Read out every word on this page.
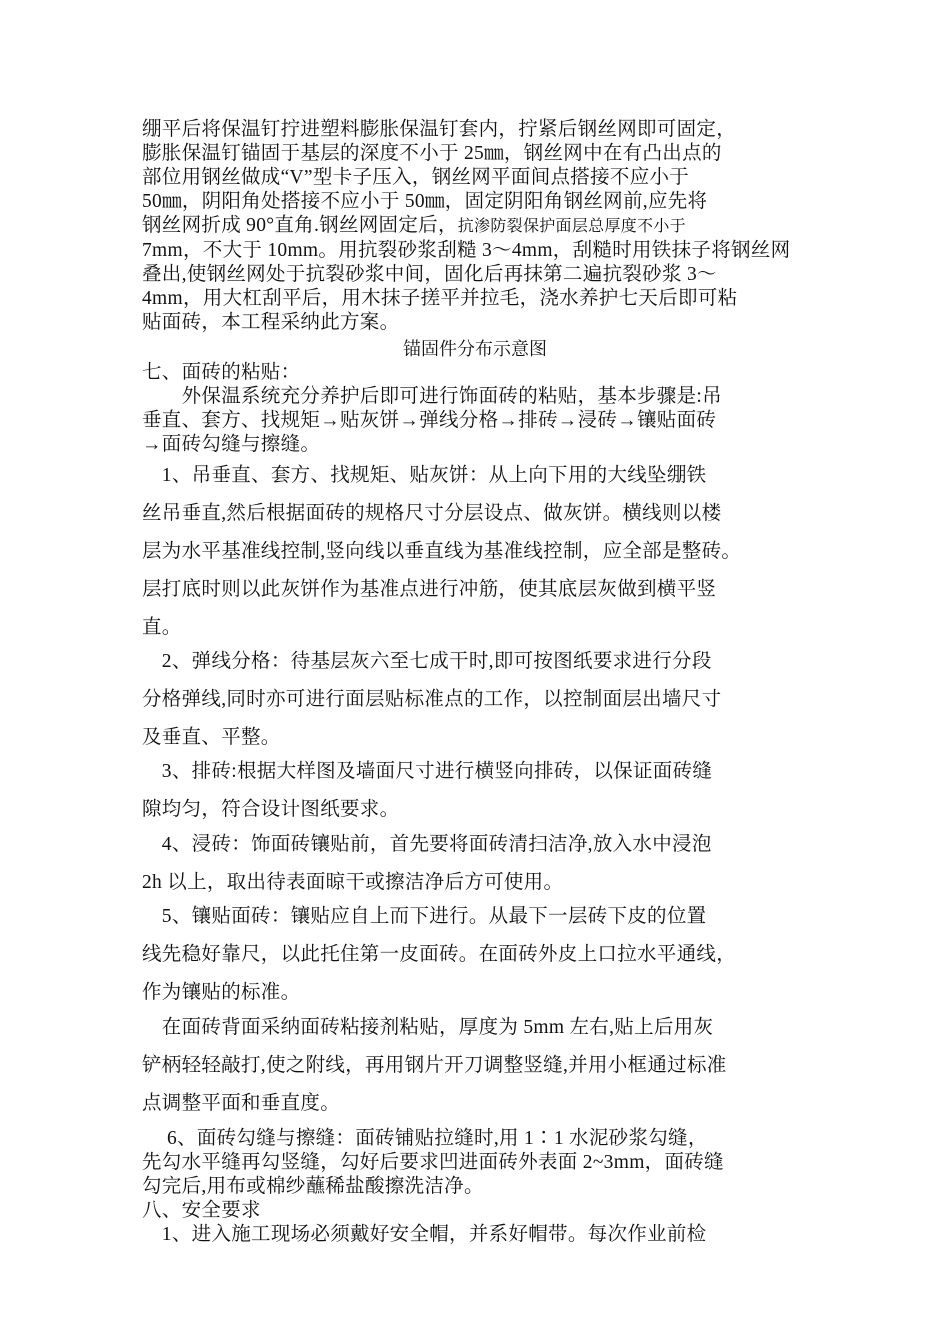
绷平后将保温钉拧进塑料膨胀保温钉套内，拧紧后钢丝网即可固定，
膨胀保温钉锚固于基层的深度不小于 25㎜，钢丝网中在有凸出点的
部位用钢丝做成“V”型卡子压入，钢丝网平面间点搭接不应小于
50㎜，阴阳角处搭接不应小于 50㎜，固定阴阳角钢丝网前,应先将
钢丝网折成 90°直角.钢丝网固定后，抗渗防裂保护面层总厚度不小于
7mm，不大于 10mm。用抗裂砂浆刮糙 3～4mm，刮糙时用铁抹子将钢丝网
叠出,使钢丝网处于抗裂砂浆中间，固化后再抹第二遍抗裂砂浆 3～
4mm，用大杠刮平后，用木抹子搓平并拉毛，浇水养护七天后即可粘
贴面砖，本工程采纳此方案。
锚固件分布示意图
七、面砖的粘贴：
　　外保温系统充分养护后即可进行饰面砖的粘贴，基本步骤是:吊
垂直、套方、找规矩→贴灰饼→弹线分格→排砖→浸砖→镶贴面砖
→面砖勾缝与擦缝。
　1、吊垂直、套方、找规矩、贴灰饼：从上向下用的大线坠绷铁
丝吊垂直,然后根据面砖的规格尺寸分层设点、做灰饼。横线则以楼
层为水平基准线控制,竖向线以垂直线为基准线控制，应全部是整砖。
层打底时则以此灰饼作为基准点进行冲筋，使其底层灰做到横平竖
直。
　2、弹线分格：待基层灰六至七成干时,即可按图纸要求进行分段
分格弹线,同时亦可进行面层贴标准点的工作，以控制面层出墙尺寸
及垂直、平整。
　3、排砖:根据大样图及墙面尺寸进行横竖向排砖，以保证面砖缝
隙均匀，符合设计图纸要求。
　4、浸砖：饰面砖镶贴前，首先要将面砖清扫洁净,放入水中浸泡
2h 以上，取出待表面晾干或擦洁净后方可使用。
　5、镶贴面砖：镶贴应自上而下进行。从最下一层砖下皮的位置
线先稳好靠尺，以此托住第一皮面砖。在面砖外皮上口拉水平通线，
作为镶贴的标准。
　在面砖背面采纳面砖粘接剂粘贴，厚度为 5mm 左右,贴上后用灰
铲柄轻轻敲打,使之附线，再用钢片开刀调整竖缝,并用小框通过标准
点调整平面和垂直度。
　 6、面砖勾缝与擦缝：面砖铺贴拉缝时,用 1∶1 水泥砂浆勾缝，
先勾水平缝再勾竖缝，勾好后要求凹进面砖外表面 2~3mm，面砖缝
勾完后,用布或棉纱蘸稀盐酸擦洗洁净。
八、安全要求
　1、进入施工现场必须戴好安全帽，并系好帽带。每次作业前检
